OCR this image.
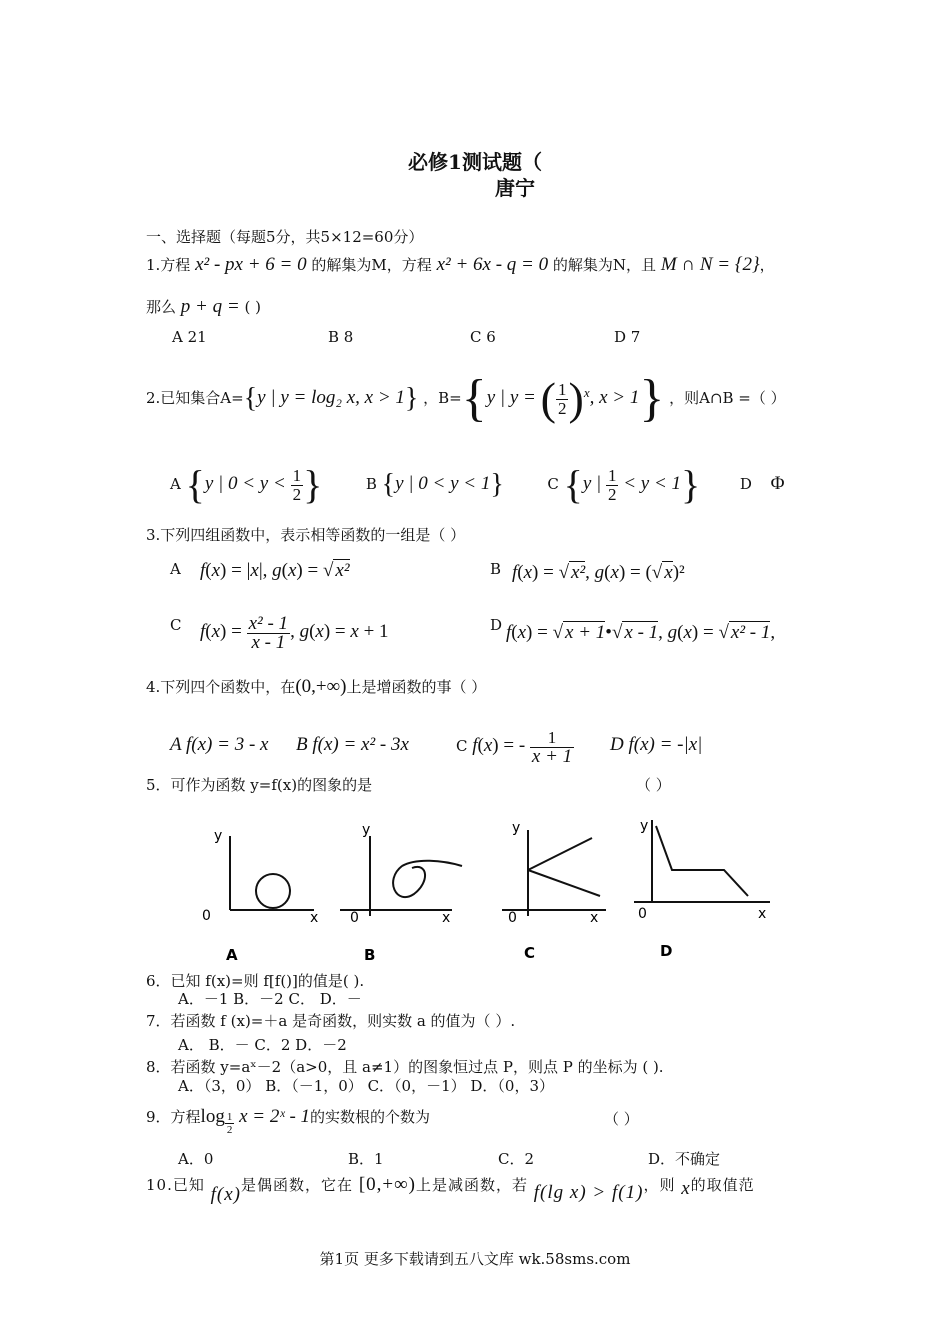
必修1测试题（
唐宁
一、选择题（每题5分，共5×12=60分）
1.方程 x² - px + 6 = 0 的解集为M，方程 x² + 6x - q = 0 的解集为N，且 M ∩ N = {2}，
那么 p + q = ( )
A 21	B 8	C 6	D 7
2.已知集合A={y | y = log₂ x, x > 1} ，B={y | y = ( $\frac{1}{2} )^x$, x > 1} ，则A∩B =（ ）
A {y | $0 < y < \frac{1}{2}$ }	B {y | 0 < y < 1}	C {y | $\frac{1}{2} < y < 1$}	D Φ
3.下列四组函数中，表示相等函数的一组是（ ）
A f(x) = |x|, g(x) = √ x²	B f(x) = √ x², g(x) = (√ x)²
C $f(x) = \frac{\text{x² - 1}}{x - 1}$ , g(x) = x + 1	D f(x) = √ x + 1•√ x - 1, g(x) = √ x² - 1,
4.下列四个函数中，在(0,+∞)上是增函数的事（ ）
A f(x) = 3 - x B f(x) = x² - 3x	C f(x) = - $\frac{1}{x + 1}$ D f(x) = -|x|
5．可作为函数 y=f(x)的图象的是	（ ）
y
0	x
A
y
0	x
B
y
0	x
C
y
0	x
D
6．已知 f(x)=则 f[f()]的值是( ).
A．－1 B．－2 C． D．－
7．若函数 f (x)=＋a 是奇函数，则实数 a 的值为（ ）.
A． B．－ C．2 D．－2
8．若函数 y=aˣ－2（a>0，且 a≠1）的图象恒过点 P，则点 P 的坐标为 ( ).
A．（3，0） B．（－1，0） C．（0，－1） D．（0，3）
9．方程log $_{\frac{1}{2}}$ x = 2ˣ - 1的实数根的个数为	（ ）
A．0	B．1	C．2	D．不确定
10.已知 f(x)是偶函数，它在 [0,+∞)上是减函数，若 f(lg x) > f(1)，则 x的取值范
第1页 更多下载请到五八文库 wk.58sms.com
